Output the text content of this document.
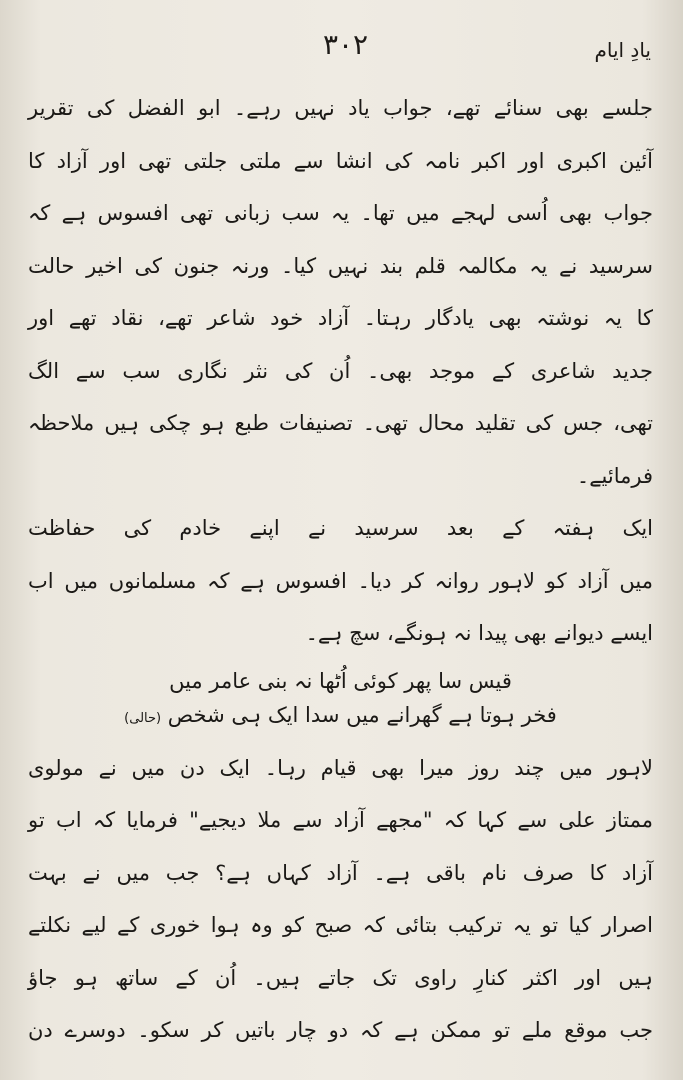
۳۰۲	یادِ ایام
جلسے بھی سنائے تھے، جواب یاد نہیں رہے۔ ابو الفضل کی تقریر
آئین اکبری اور اکبر نامہ کی انشا سے ملتی جلتی تھی اور آزاد کا
جواب بھی اُسی لہجے میں تھا۔ یہ سب زبانی تھی افسوس ہے کہ
سرسید نے یہ مکالمہ قلم بند نہیں کیا۔ ورنہ جنون کی اخیر حالت
کا یہ نوشتہ بھی یادگار رہتا۔ آزاد خود شاعر تھے، نقاد تھے اور
جدید شاعری کے موجد بھی۔ اُن کی نثر نگاری سب سے الگ
تھی، جس کی تقلید محال تھی۔ تصنیفات طبع ہو چکی ہیں ملاحظہ
فرمائیے۔
ایک ہفتہ کے بعد سرسید نے اپنے خادم کی حفاظت
میں آزاد کو لاہور روانہ کر دیا۔ افسوس ہے کہ مسلمانوں میں اب
ایسے دیوانے بھی پیدا نہ ہونگے، سچ ہے۔
قیس سا پھر کوئی اُٹھا نہ بنی عامر میں
فخر ہوتا ہے گھرانے میں سدا ایک ہی شخص (حالی)
لاہور میں چند روز میرا بھی قیام رہا۔ ایک دن میں نے مولوی
ممتاز علی سے کہا کہ "مجھے آزاد سے ملا دیجیے" فرمایا کہ اب تو
آزاد کا صرف نام باقی ہے۔ آزاد کہاں ہے؟ جب میں نے بہت
اصرار کیا تو یہ ترکیب بتائی کہ صبح کو وہ ہوا خوری کے لیے نکلتے
ہیں اور اکثر کنارِ راوی تک جاتے ہیں۔ اُن کے ساتھ ہو جاؤ
جب موقع ملے تو ممکن ہے کہ دو چار باتیں کر سکو۔ دوسرے دن
